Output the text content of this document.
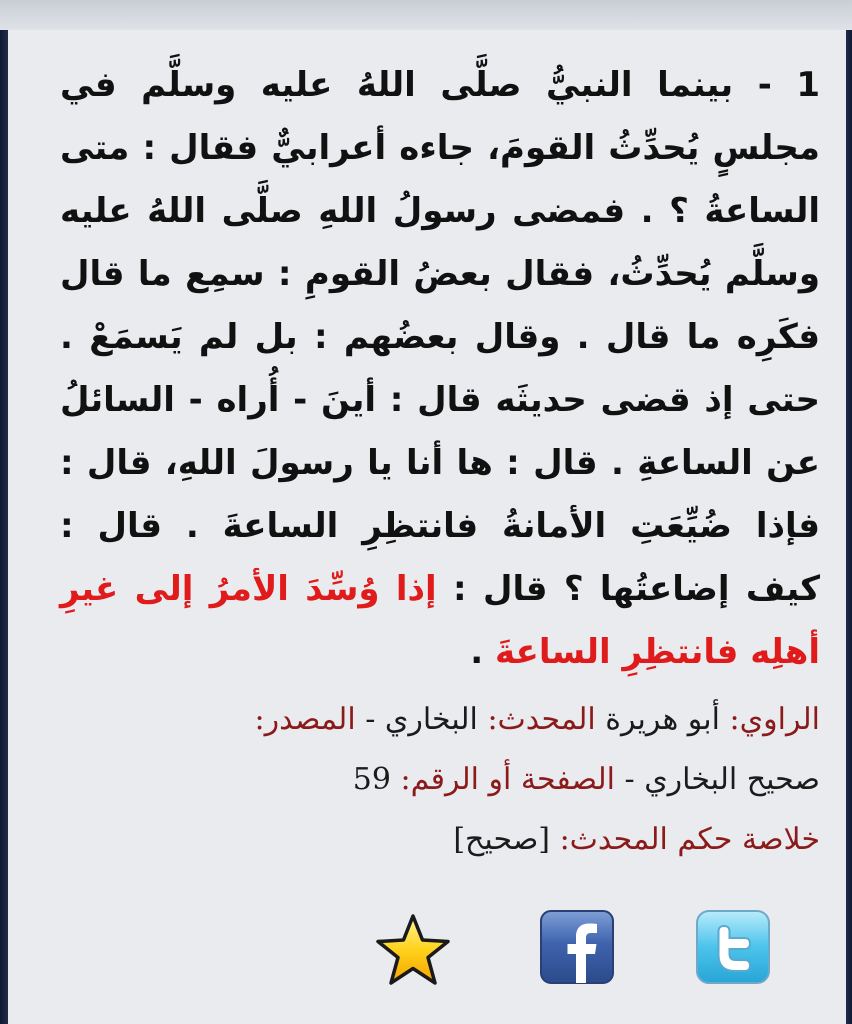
1 - بينما النبيُّ صلَّى اللهُ عليه وسلَّم في مجلسٍ يُحدِّثُ القومَ، جاءه أعرابيٌّ فقال : متى الساعةُ ؟ . فمضى رسولُ اللهِ صلَّى اللهُ عليه وسلَّم يُحدِّثُ، فقال بعضُ القومِ : سمِع ما قال فكَرِه ما قال . وقال بعضُهم : بل لم يَسمَعْ . حتى إذ قضى حديثَه قال : أينَ - أُراه - السائلُ عن الساعةِ . قال : ها أنا يا رسولَ اللهِ، قال : فإذا ضُيِّعَتِ الأمانةُ فانتظِرِ الساعةَ . قال : كيف إضاعتُها ؟ قال : إذا وُسِّدَ الأمرُ إلى غيرِ أهلِه فانتظِرِ الساعةَ .

الراوي: أبو هريرة المحدث: البخاري - المصدر:
صحيح البخاري - الصفحة أو الرقم: 59
خلاصة حكم المحدث: [صحيح]
